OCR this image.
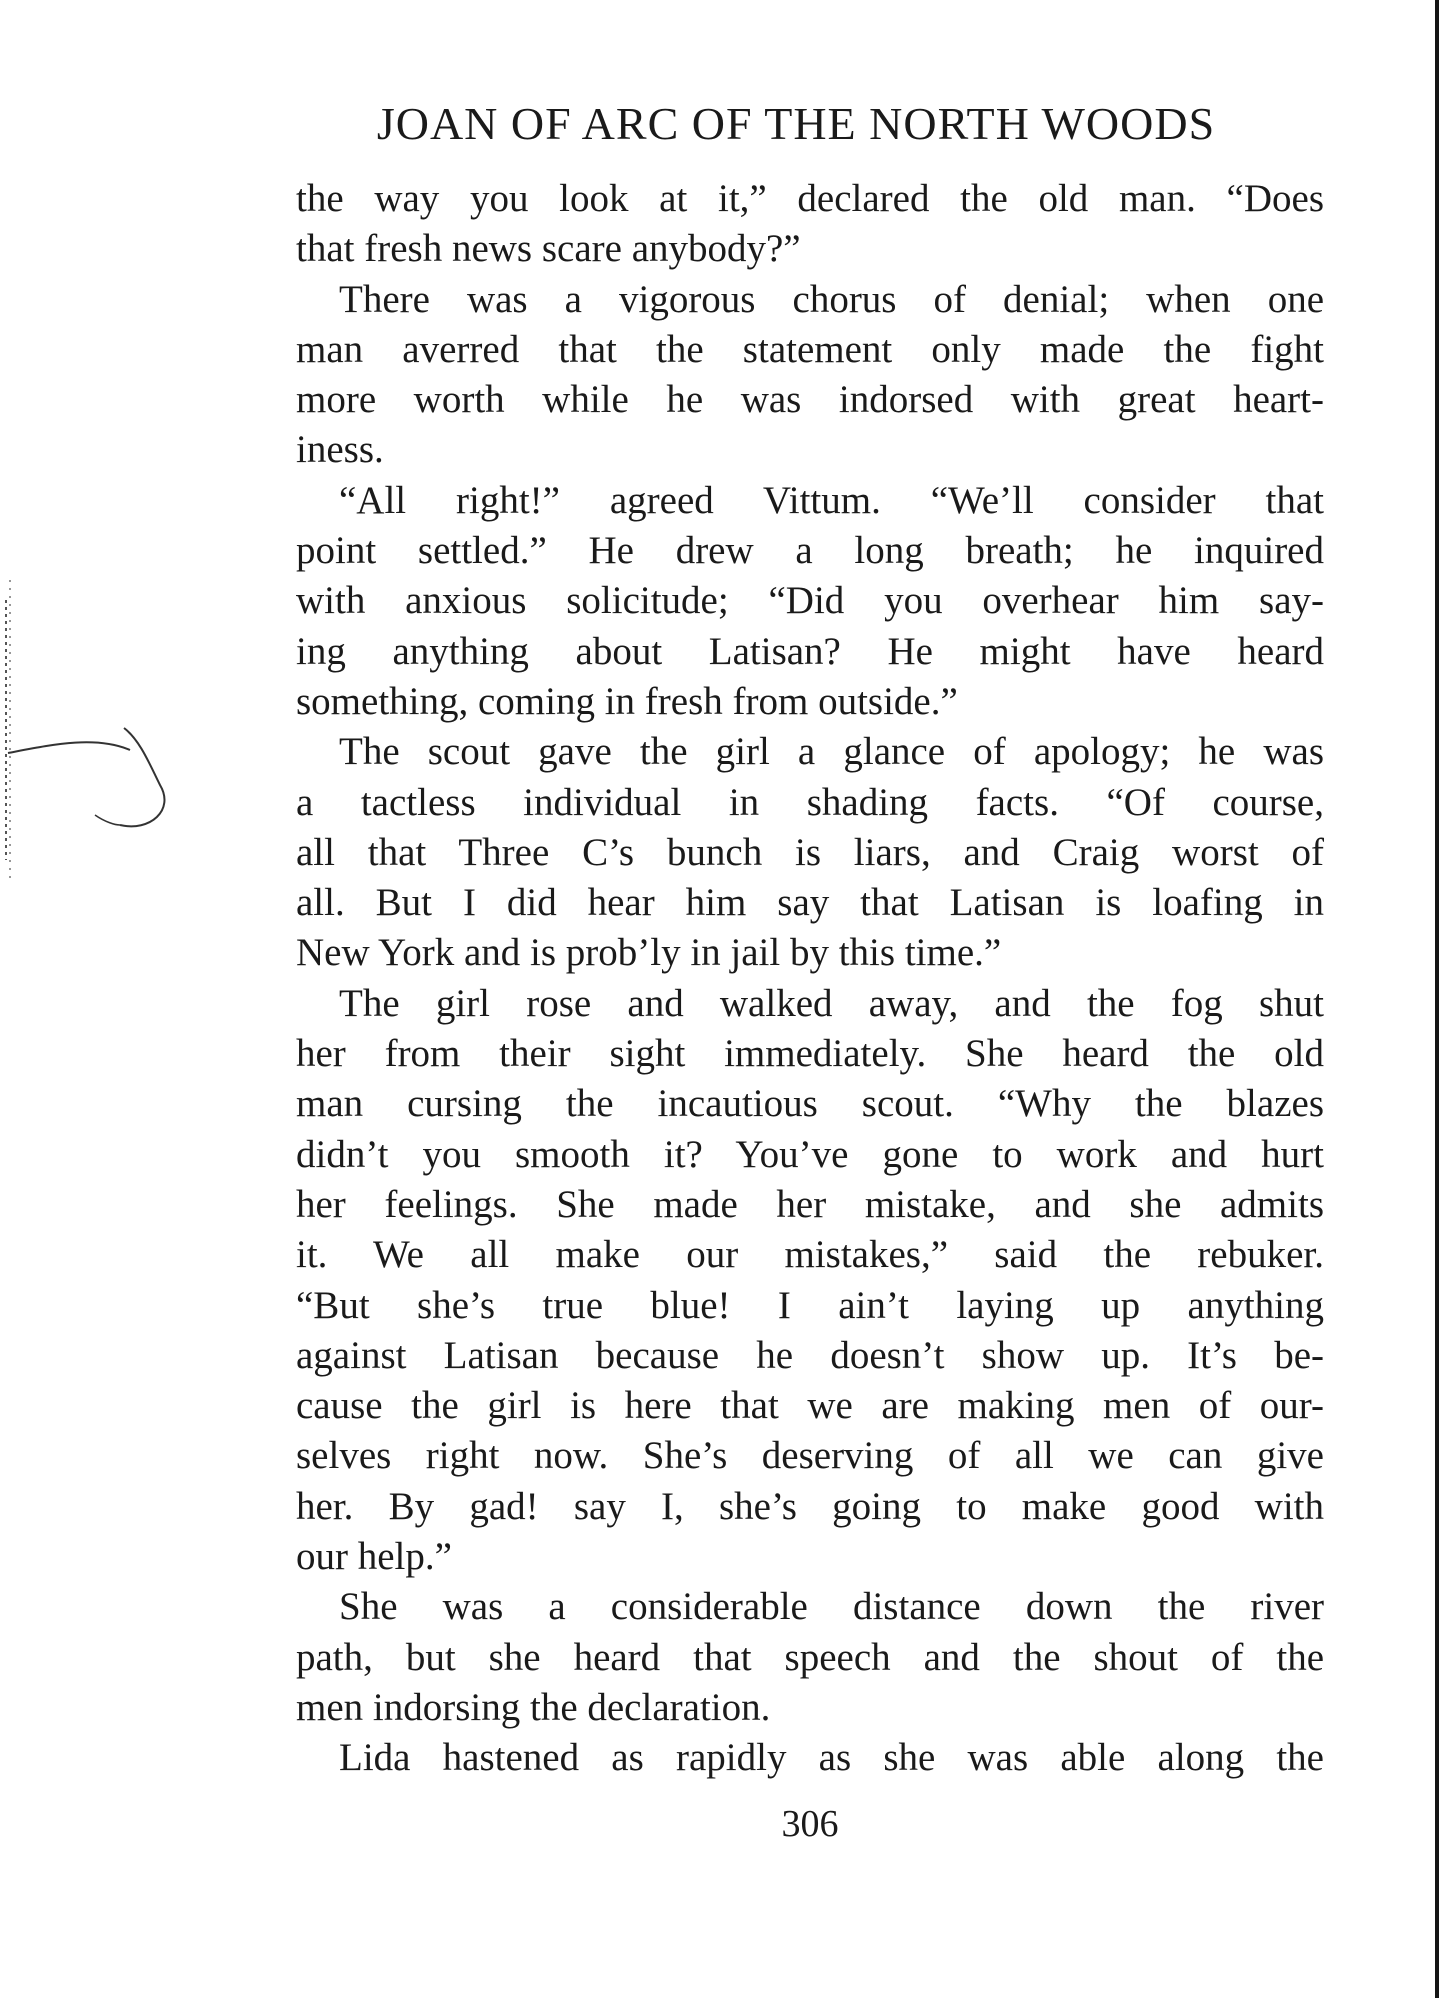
JOAN OF ARC OF THE NORTH WOODS
the way you look at it,” declared the old man. “Does
that fresh news scare anybody?”
There was a vigorous chorus of denial; when one
man averred that the statement only made the fight
more worth while he was indorsed with great heart-
iness.
“All right!” agreed Vittum. “We’ll consider that
point settled.” He drew a long breath; he inquired
with anxious solicitude; “Did you overhear him say-
ing anything about Latisan? He might have heard
something, coming in fresh from outside.”
The scout gave the girl a glance of apology; he was
a tactless individual in shading facts. “Of course,
all that Three C’s bunch is liars, and Craig worst of
all. But I did hear him say that Latisan is loafing in
New York and is prob’ly in jail by this time.”
The girl rose and walked away, and the fog shut
her from their sight immediately. She heard the old
man cursing the incautious scout. “Why the blazes
didn’t you smooth it? You’ve gone to work and hurt
her feelings. She made her mistake, and she admits
it. We all make our mistakes,” said the rebuker.
“But she’s true blue! I ain’t laying up anything
against Latisan because he doesn’t show up. It’s be-
cause the girl is here that we are making men of our-
selves right now. She’s deserving of all we can give
her. By gad! say I, she’s going to make good with
our help.”
She was a considerable distance down the river
path, but she heard that speech and the shout of the
men indorsing the declaration.
Lida hastened as rapidly as she was able along the
306
